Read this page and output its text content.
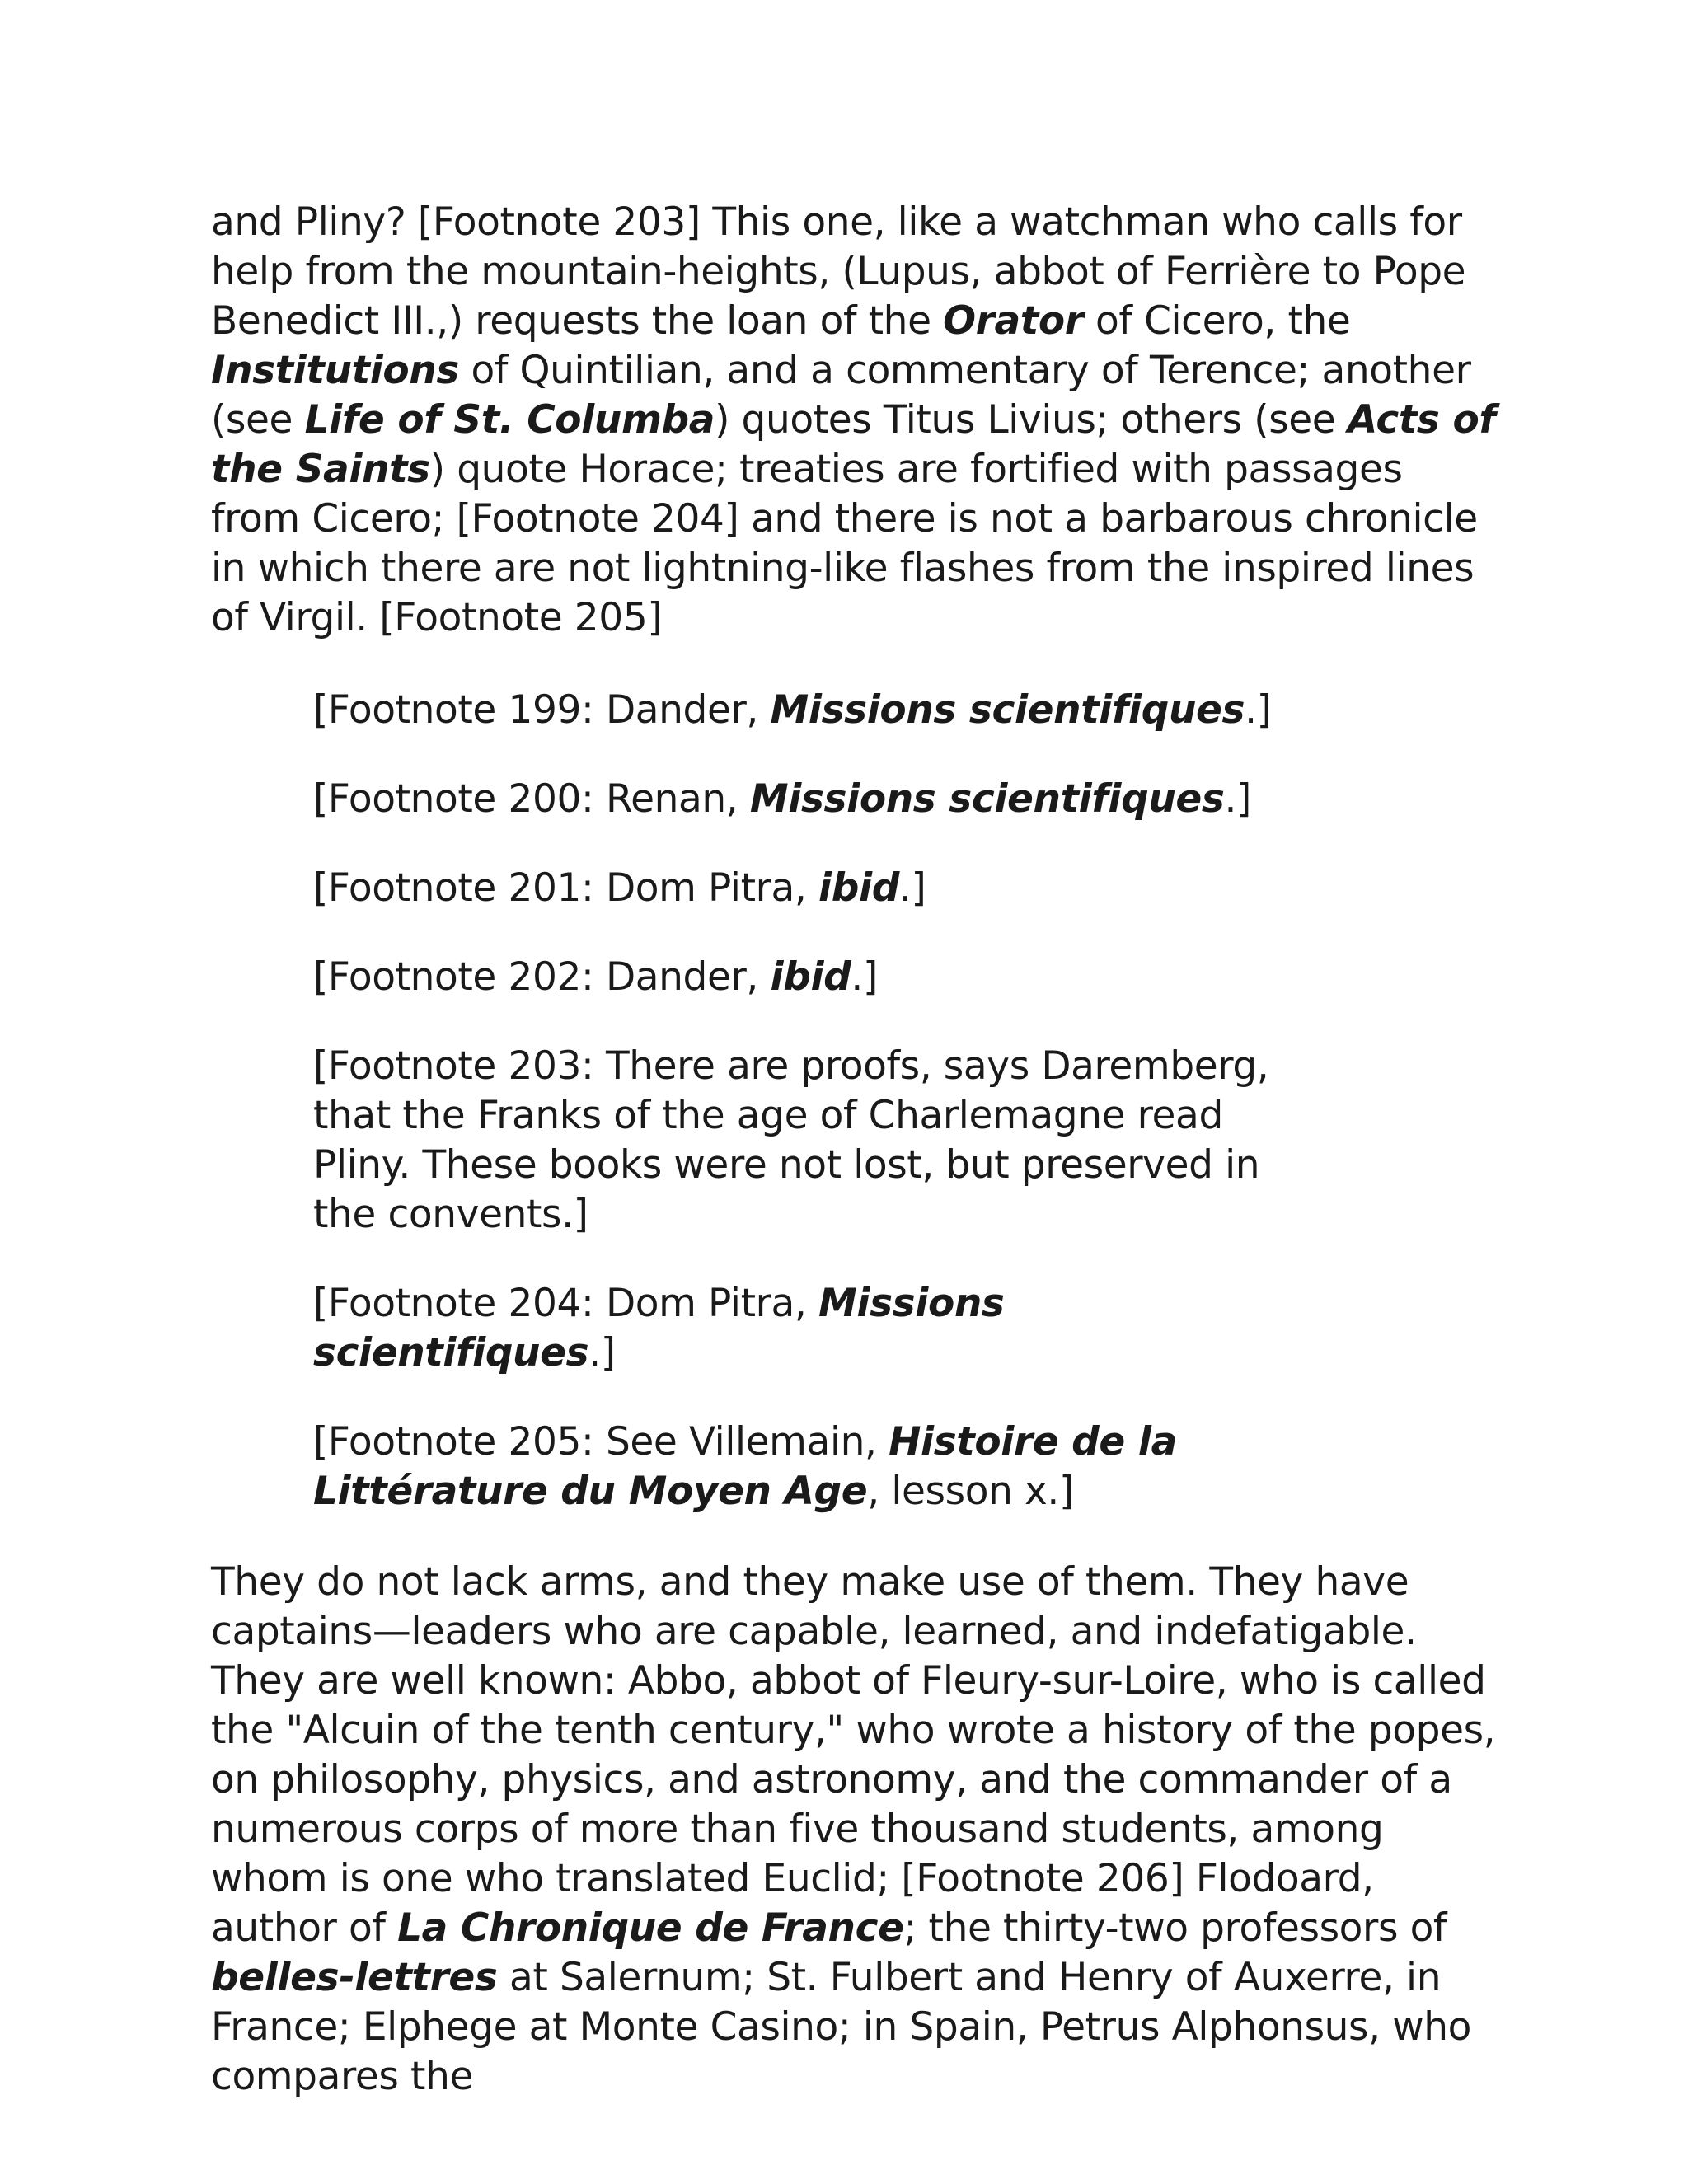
and Pliny? [Footnote 203] This one, like a watchman who calls for help from the mountain-heights, (Lupus, abbot of Ferrière to Pope Benedict III.,) requests the loan of the Orator of Cicero, the Institutions of Quintilian, and a commentary of Terence; another (see Life of St. Columba) quotes Titus Livius; others (see Acts of the Saints) quote Horace; treaties are fortified with passages from Cicero; [Footnote 204] and there is not a barbarous chronicle in which there are not lightning-like flashes from the inspired lines of Virgil. [Footnote 205]

[Footnote 199: Dander, Missions scientifiques.]

[Footnote 200: Renan, Missions scientifiques.]

[Footnote 201: Dom Pitra, ibid.]

[Footnote 202: Dander, ibid.]

[Footnote 203: There are proofs, says Daremberg, that the Franks of the age of Charlemagne read Pliny. These books were not lost, but preserved in the convents.]

[Footnote 204: Dom Pitra, Missions scientifiques.]

[Footnote 205: See Villemain, Histoire de la Littérature du Moyen Age, lesson x.]

They do not lack arms, and they make use of them. They have captains—leaders who are capable, learned, and indefatigable. They are well known: Abbo, abbot of Fleury-sur-Loire, who is called the "Alcuin of the tenth century," who wrote a history of the popes, on philosophy, physics, and astronomy, and the commander of a numerous corps of more than five thousand students, among whom is one who translated Euclid; [Footnote 206] Flodoard, author of La Chronique de France; the thirty-two professors of belles-lettres at Salernum; St. Fulbert and Henry of Auxerre, in France; Elphege at Monte Casino; in Spain, Petrus Alphonsus, who compares the
